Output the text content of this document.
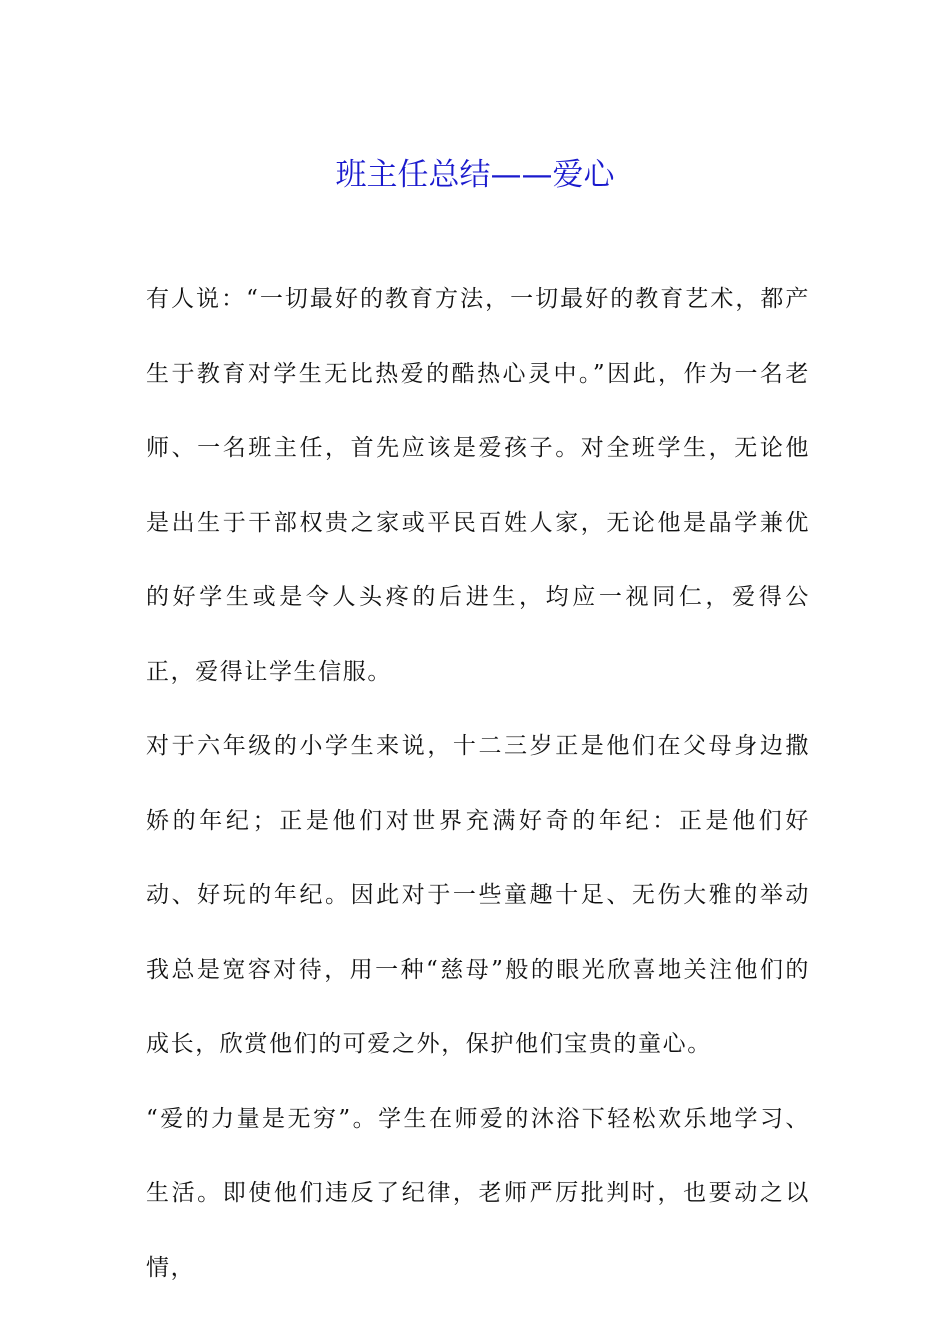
班主任总结——爱心

有人说：“一切最好的教育方法，一切最好的教育艺术，都产生于教育对学生无比热爱的酷热心灵中。”因此，作为一名老师、一名班主任，首先应该是爱孩子。对全班学生，无论他是出生于干部权贵之家或平民百姓人家，无论他是晶学兼优的好学生或是令人头疼的后进生，均应一视同仁，爱得公正，爱得让学生信服。

对于六年级的小学生来说，十二三岁正是他们在父母身边撒娇的年纪；正是他们对世界充满好奇的年纪：正是他们好动、好玩的年纪。因此对于一些童趣十足、无伤大雅的举动我总是宽容对待，用一种“慈母”般的眼光欣喜地关注他们的成长，欣赏他们的可爱之外，保护他们宝贵的童心。

“爱的力量是无穷”。学生在师爱的沐浴下轻松欢乐地学习、生活。即使他们违反了纪律，老师严厉批判时，也要动之以情，
